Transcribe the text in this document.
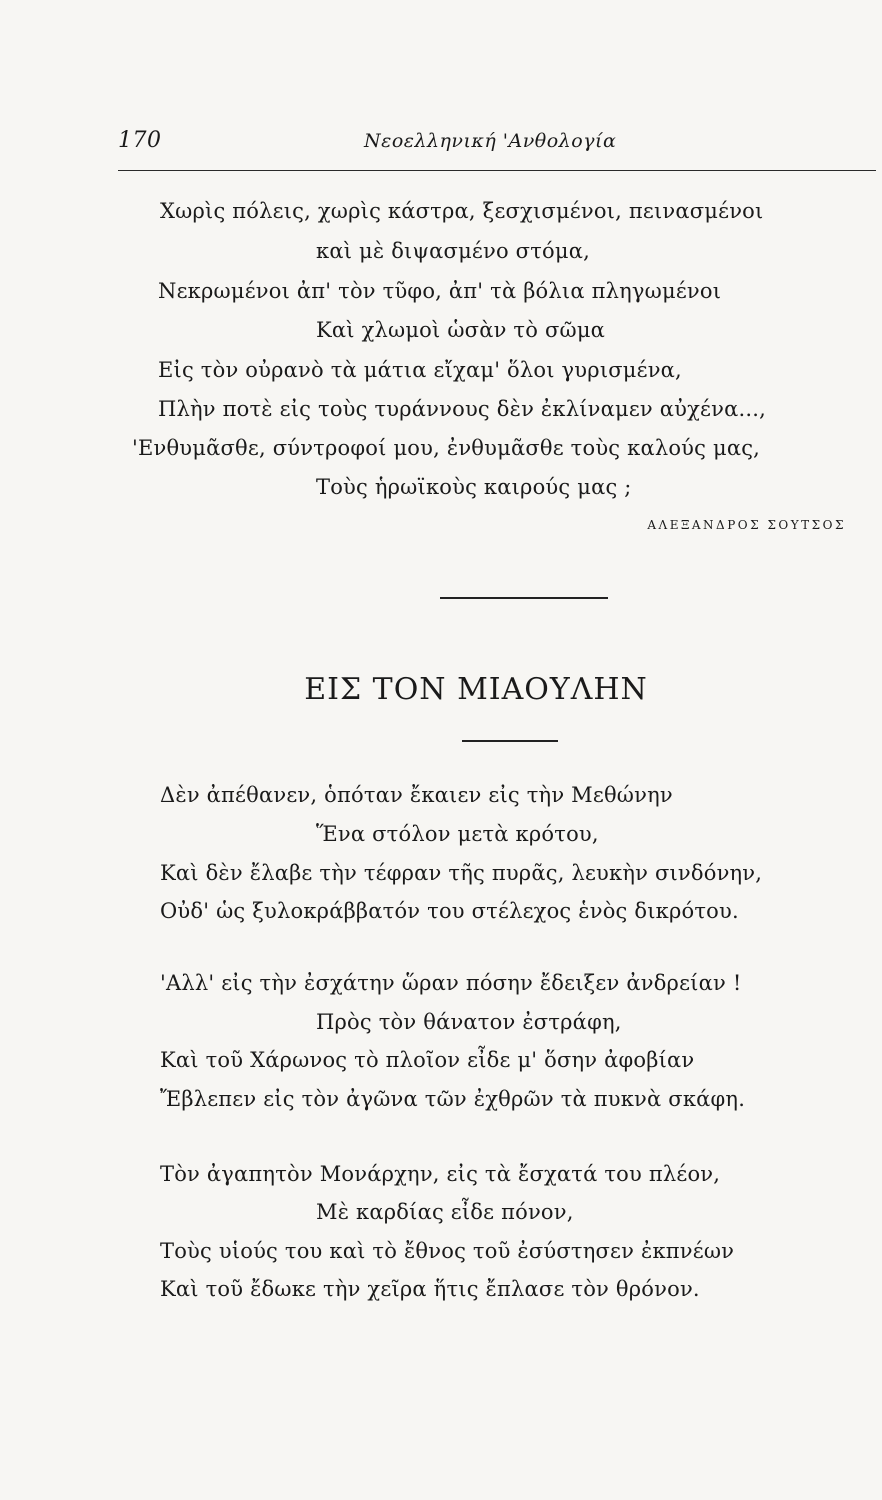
170	Νεοελληνική 'Ανθολογία
Χωρὶς πόλεις, χωρὶς κάστρα, ξεσχισμένοι, πεινασμένοι
καὶ μὲ διψασμένο στόμα,
Νεκρωμένοι ἀπ' τὸν τῦφο, ἀπ' τὰ βόλια πληγωμένοι
Καὶ χλωμοὶ ὡσὰν τὸ σῶμα
Εἰς τὸν οὐρανὸ τὰ μάτια εἴχαμ' ὅλοι γυρισμένα,
Πλὴν ποτὲ εἰς τοὺς τυράννους δὲν ἐκλίναμεν αὐχένα...,
'Ενθυμᾶσθε, σύντροφοί μου, ἐνθυμᾶσθε τοὺς καλούς μας,
Τοὺς ἡρωϊκοὺς καιρούς μας ;
ΑΛΕΞΑΝΔΡΟΣ ΣΟΥΤΣΟΣ
ΕΙΣ ΤΟΝ ΜΙΑΟΥΛΗΝ
Δὲν ἀπέθανεν, ὁπόταν ἔκαιεν εἰς τὴν Μεθώνην
Ἕνα στόλον μετὰ κρότου,
Καὶ δὲν ἔλαβε τὴν τέφραν τῆς πυρᾶς, λευκὴν σινδόνην,
Οὐδ' ὡς ξυλοκράββατόν του στέλεχος ἑνὸς δικρότου.
'Αλλ' εἰς τὴν ἐσχάτην ὥραν πόσην ἔδειξεν ἀνδρείαν !
Πρὸς τὸν θάνατον ἐστράφη,
Καὶ τοῦ Χάρωνος τὸ πλοῖον εἶδε μ' ὅσην ἀφοβίαν
Ἔβλεπεν εἰς τὸν ἀγῶνα τῶν ἐχθρῶν τὰ πυκνὰ σκάφη.
Τὸν ἀγαπητὸν Μονάρχην, εἰς τὰ ἔσχατά του πλέον,
Μὲ καρδίας εἶδε πόνον,
Τοὺς υἱούς του καὶ τὸ ἔθνος τοῦ ἐσύστησεν ἐκπνέων
Καὶ τοῦ ἔδωκε τὴν χεῖρα ἥτις ἔπλασε τὸν θρόνον.
